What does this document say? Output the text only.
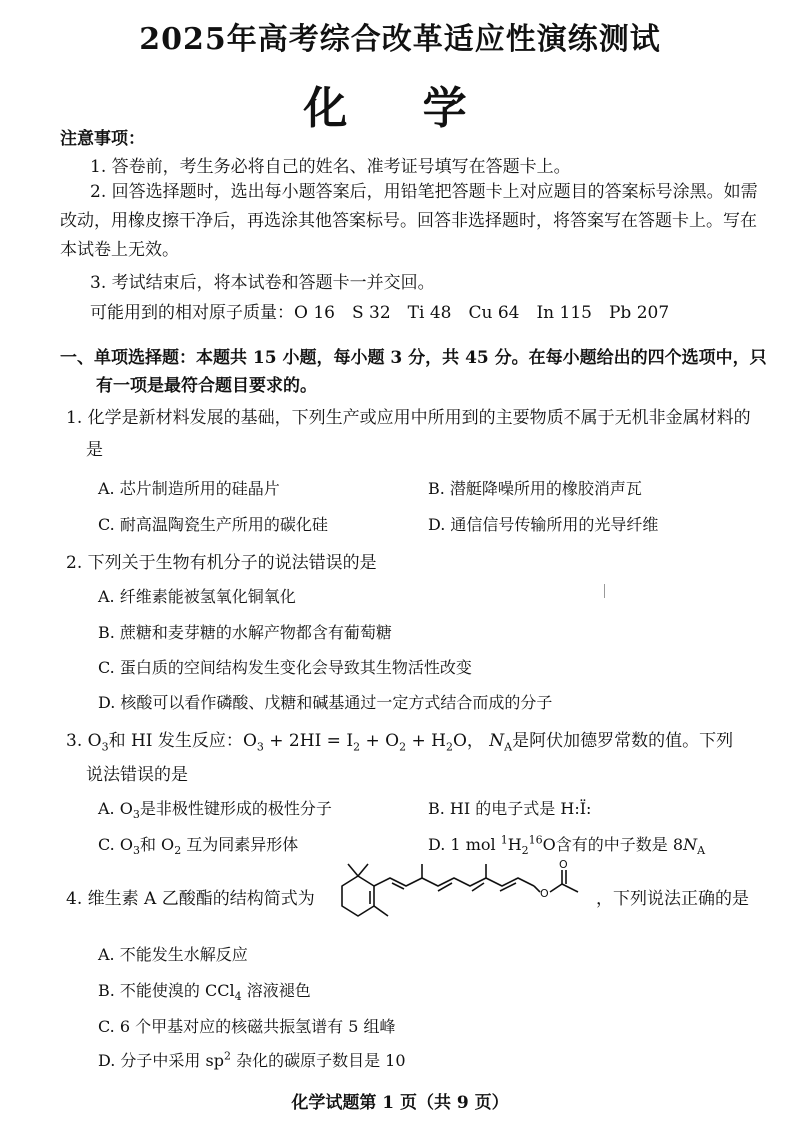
2025年高考综合改革适应性演练测试
化 学
注意事项：
1. 答卷前，考生务必将自己的姓名、准考证号填写在答题卡上。
2. 回答选择题时，选出每小题答案后，用铅笔把答题卡上对应题目的答案标号涂黑。如需改动，用橡皮擦干净后，再选涂其他答案标号。回答非选择题时，将答案写在答题卡上。写在本试卷上无效。
3. 考试结束后，将本试卷和答题卡一并交回。
可能用到的相对原子质量：O 16　S 32　Ti 48　Cu 64　In 115　Pb 207
一、单项选择题：本题共 15 小题，每小题 3 分，共 45 分。在每小题给出的四个选项中，只有一项是最符合题目要求的。
1. 化学是新材料发展的基础，下列生产或应用中所用到的主要物质不属于无机非金属材料的是
A. 芯片制造所用的硅晶片	B. 潜艇降噪所用的橡胶消声瓦
C. 耐高温陶瓷生产所用的碳化硅	D. 通信信号传输所用的光导纤维
2. 下列关于生物有机分子的说法错误的是
A. 纤维素能被氢氧化铜氧化
B. 蔗糖和麦芽糖的水解产物都含有葡萄糖
C. 蛋白质的空间结构发生变化会导致其生物活性改变
D. 核酸可以看作磷酸、戊糖和碱基通过一定方式结合而成的分子
3. $O_3$和 HI 发生反应：$O_3 + 2HI = I_2 + O_2 + H_2O$， $N_A$是阿伏加德罗常数的值。下列
说法错误的是
A. $O_3$是非极性键形成的极性分子	B. HI 的电子式是 H:Ï:
C. $O_3$和 $O_2$ 互为同素异形体	D. 1 mol $^1H_2^{16}O$含有的中子数是 $8N_A$
4. 维生素 A 乙酸酯的结构简式为	O
O
，下列说法正确的是
A. 不能发生水解反应
B. 不能使溴的 CCl$_4$ 溶液褪色
C. 6 个甲基对应的核磁共振氢谱有 5 组峰
D. 分子中采用 $sp^2$ 杂化的碳原子数目是 10
化学试题第 1 页（共 9 页）
